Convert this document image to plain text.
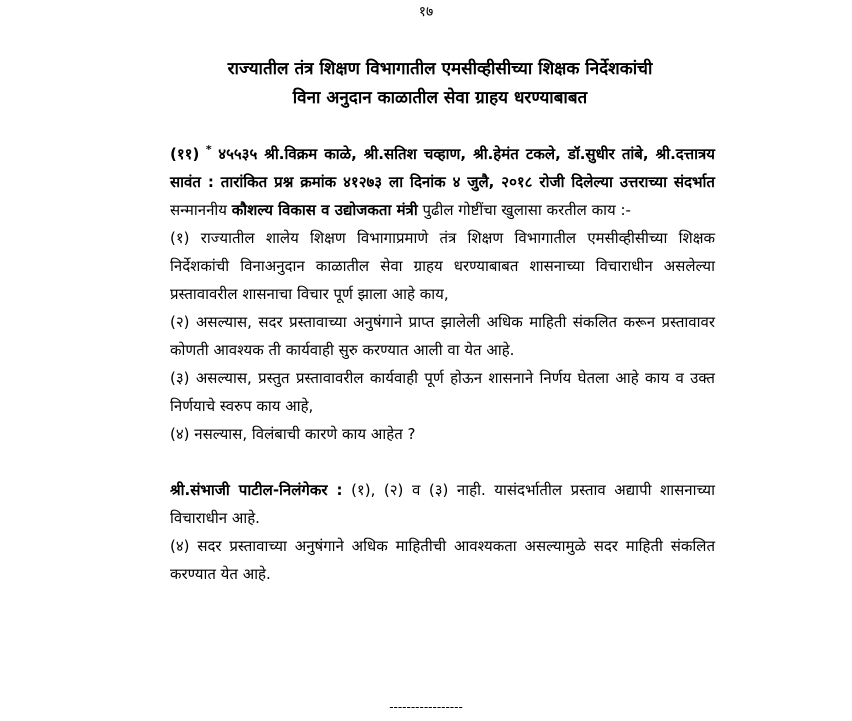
१७
राज्यातील तंत्र शिक्षण विभागातील एमसीव्हीसीच्या शिक्षक निर्देशकांची
विना अनुदान काळातील सेवा ग्राहय धरण्याबाबत

(११) * ४५५३५ श्री.विक्रम काळे, श्री.सतिश चव्हाण, श्री.हेमंत टकले, डॉ.सुधीर तांबे, श्री.दत्तात्रय सावंत : तारांकित प्रश्न क्रमांक ४१२७३ ला दिनांक ४ जुलै, २०१८ रोजी दिलेल्या उत्तराच्या संदर्भात सन्माननीय कौशल्य विकास व उद्योजकता मंत्री पुढील गोष्टींचा खुलासा करतील काय :-

(१) राज्यातील शालेय शिक्षण विभागाप्रमाणे तंत्र शिक्षण विभागातील एमसीव्हीसीच्या शिक्षक निर्देशकांची विनाअनुदान काळातील सेवा ग्राहय धरण्याबाबत शासनाच्या विचाराधीन असलेल्या प्रस्तावावरील शासनाचा विचार पूर्ण झाला आहे काय,

(२) असल्यास, सदर प्रस्तावाच्या अनुषंगाने प्राप्त झालेली अधिक माहिती संकलित करून प्रस्तावावर कोणती आवश्यक ती कार्यवाही सुरु करण्यात आली वा येत आहे.

(३) असल्यास, प्रस्तुत प्रस्तावावरील कार्यवाही पूर्ण होऊन शासनाने निर्णय घेतला आहे काय व उक्त निर्णयाचे स्वरुप काय आहे,

(४) नसल्यास, विलंबाची कारणे काय आहेत ?

श्री.संभाजी पाटील-निलंगेकर : (१), (२) व (३) नाही. यासंदर्भातील प्रस्ताव अद्यापी शासनाच्या विचाराधीन आहे.

(४) सदर प्रस्तावाच्या अनुषंगाने अधिक माहितीची आवश्यकता असल्यामुळे सदर माहिती संकलित करण्यात येत आहे.

-----------------
